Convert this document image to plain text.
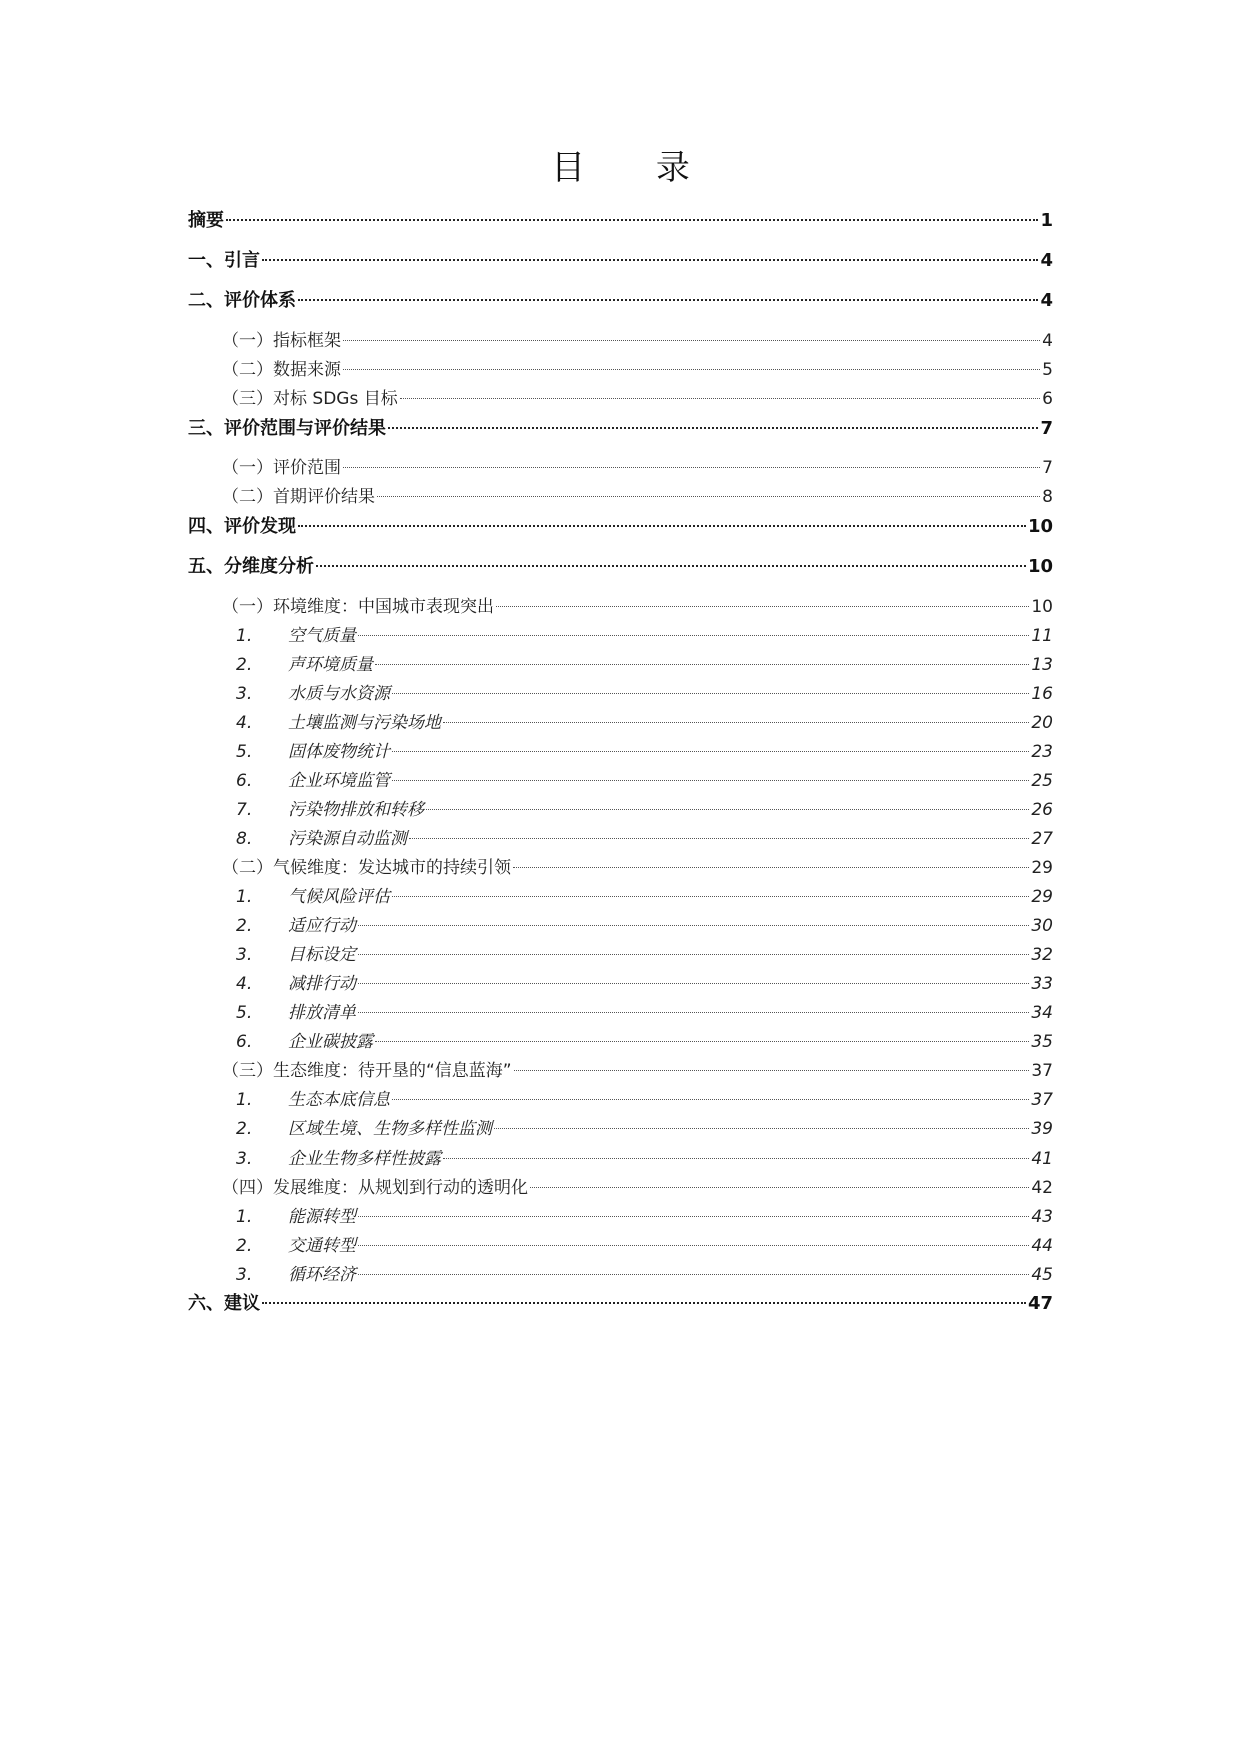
目 录
摘要	1
一、引言	4
二、评价体系	4
（一）指标框架	4
（二）数据来源	5
（三）对标 SDGs 目标	6
三、评价范围与评价结果	7
（一）评价范围	7
（二）首期评价结果	8
四、评价发现	10
五、分维度分析	10
（一）环境维度：中国城市表现突出	10
1.	空气质量	11
2.	声环境质量	13
3.	水质与水资源	16
4.	土壤监测与污染场地	20
5.	固体废物统计	23
6.	企业环境监管	25
7.	污染物排放和转移	26
8.	污染源自动监测	27
（二）气候维度：发达城市的持续引领	29
1.	气候风险评估	29
2.	适应行动	30
3.	目标设定	32
4.	减排行动	33
5.	排放清单	34
6.	企业碳披露	35
（三）生态维度：待开垦的“信息蓝海”	37
1.	生态本底信息	37
2.	区域生境、生物多样性监测	39
3.	企业生物多样性披露	41
（四）发展维度：从规划到行动的透明化	42
1.	能源转型	43
2.	交通转型	44
3.	循环经济	45
六、建议	47
